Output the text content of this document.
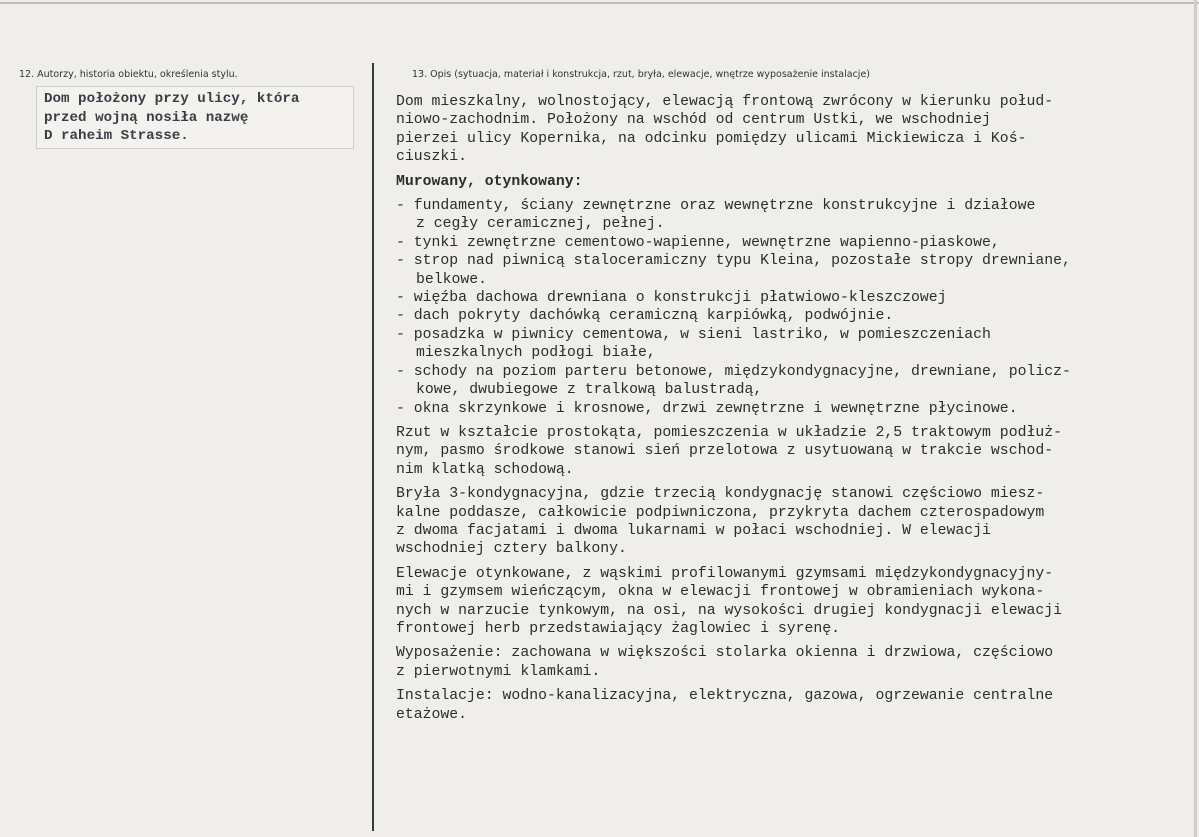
12. Autorzy, historia obiektu, określenia stylu.	13. Opis (sytuacja, materiał i konstrukcja, rzut, bryła, elewacje, wnętrze wyposażenie instalacje)
Dom położony przy ulicy, która
przed wojną nosiła nazwę
D raheim Strasse.
Dom mieszkalny, wolnostojący, elewacją frontową zwrócony w kierunku połud-
niowo-zachodnim. Położony na wschód od centrum Ustki, we wschodniej
pierzei ulicy Kopernika, na odcinku pomiędzy ulicami Mickiewicza i Koś-
ciuszki.
Murowany, otynkowany:
- fundamenty, ściany zewnętrzne oraz wewnętrzne konstrukcyjne i działowe
z cegły ceramicznej, pełnej.
- tynki zewnętrzne cementowo-wapienne, wewnętrzne wapienno-piaskowe,
- strop nad piwnicą staloceramiczny typu Kleina, pozostałe stropy drewniane,
belkowe.
- więźba dachowa drewniana o konstrukcji płatwiowo-kleszczowej
- dach pokryty dachówką ceramiczną karpiówką, podwójnie.
- posadzka w piwnicy cementowa, w sieni lastriko, w pomieszczeniach
mieszkalnych podłogi białe,
- schody na poziom parteru betonowe, międzykondygnacyjne, drewniane, policz-
kowe, dwubiegowe z tralkową balustradą,
- okna skrzynkowe i krosnowe, drzwi zewnętrzne i wewnętrzne płycinowe.
Rzut w kształcie prostokąta, pomieszczenia w układzie 2,5 traktowym podłuż-
nym, pasmo środkowe stanowi sień przelotowa z usytuowaną w trakcie wschod-
nim klatką schodową.
Bryła 3-kondygnacyjna, gdzie trzecią kondygnację stanowi częściowo miesz-
kalne poddasze, całkowicie podpiwniczona, przykryta dachem czterospadowym
z dwoma facjatami i dwoma lukarnami w połaci wschodniej. W elewacji
wschodniej cztery balkony.
Elewacje otynkowane, z wąskimi profilowanymi gzymsami międzykondygnacyjny-
mi i gzymsem wieńczącym, okna w elewacji frontowej w obramieniach wykona-
nych w narzucie tynkowym, na osi, na wysokości drugiej kondygnacji elewacji
frontowej herb przedstawiający żaglowiec i syrenę.
Wyposażenie: zachowana w większości stolarka okienna i drzwiowa, częściowo
z pierwotnymi klamkami.
Instalacje: wodno-kanalizacyjna, elektryczna, gazowa, ogrzewanie centralne
etażowe.
